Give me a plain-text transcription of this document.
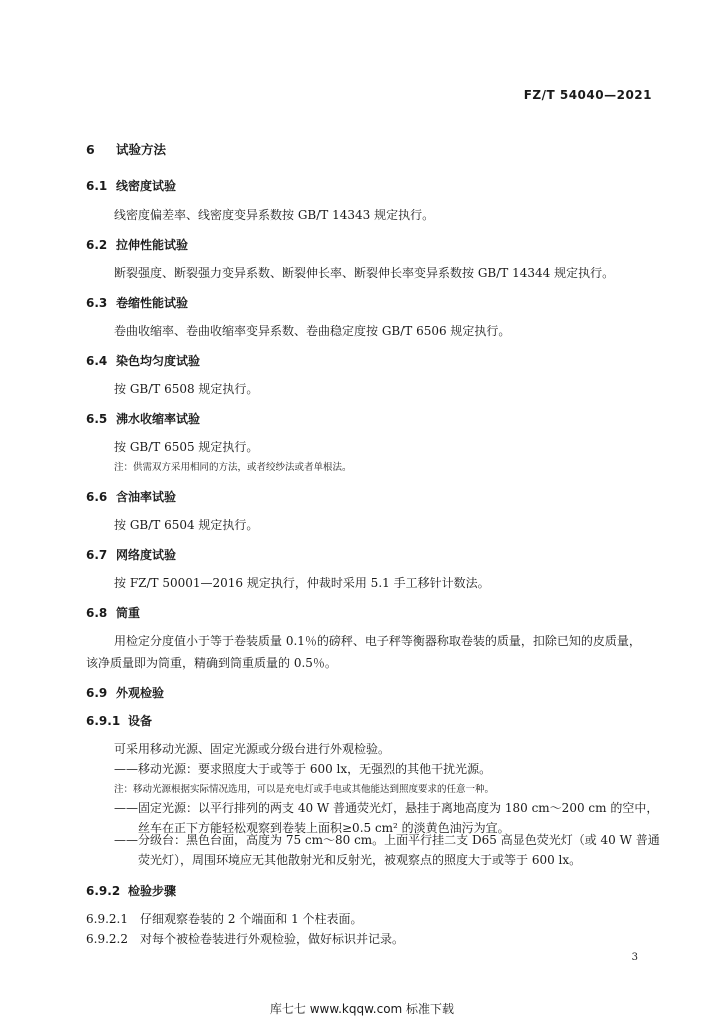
FZ/T 54040—2021
6 试验方法
6.1 线密度试验
线密度偏差率、线密度变异系数按 GB/T 14343 规定执行。
6.2 拉伸性能试验
断裂强度、断裂强力变异系数、断裂伸长率、断裂伸长率变异系数按 GB/T 14344 规定执行。
6.3 卷缩性能试验
卷曲收缩率、卷曲收缩率变异系数、卷曲稳定度按 GB/T 6506 规定执行。
6.4 染色均匀度试验
按 GB/T 6508 规定执行。
6.5 沸水收缩率试验
按 GB/T 6505 规定执行。
注：供需双方采用相同的方法，或者绞纱法或者单根法。
6.6 含油率试验
按 GB/T 6504 规定执行。
6.7 网络度试验
按 FZ/T 50001—2016 规定执行，仲裁时采用 5.1 手工移针计数法。
6.8 筒重
用检定分度值小于等于卷装质量 0.1％的磅秤、电子秤等衡器称取卷装的质量，扣除已知的皮质量，
该净质量即为筒重，精确到筒重质量的 0.5％。
6.9 外观检验
6.9.1 设备
可采用移动光源、固定光源或分级台进行外观检验。
——移动光源：要求照度大于或等于 600 lx，无强烈的其他干扰光源。
注：移动光源根据实际情况选用，可以是充电灯或手电或其他能达到照度要求的任意一种。
——固定光源：以平行排列的两支 40 W 普通荧光灯，悬挂于离地高度为 180 cm～200 cm 的空中，
丝车在正下方能轻松观察到卷装上面积≥0.5 cm² 的淡黄色油污为宜。
——分级台：黑色台面，高度为 75 cm～80 cm。上面平行挂二支 D65 高显色荧光灯（或 40 W 普通
荧光灯），周围环境应无其他散射光和反射光，被观察点的照度大于或等于 600 lx。
6.9.2 检验步骤
6.9.2.1 仔细观察卷装的 2 个端面和 1 个柱表面。
6.9.2.2 对每个被检卷装进行外观检验，做好标识并记录。
3
库七七 www.kqqw.com 标准下载
